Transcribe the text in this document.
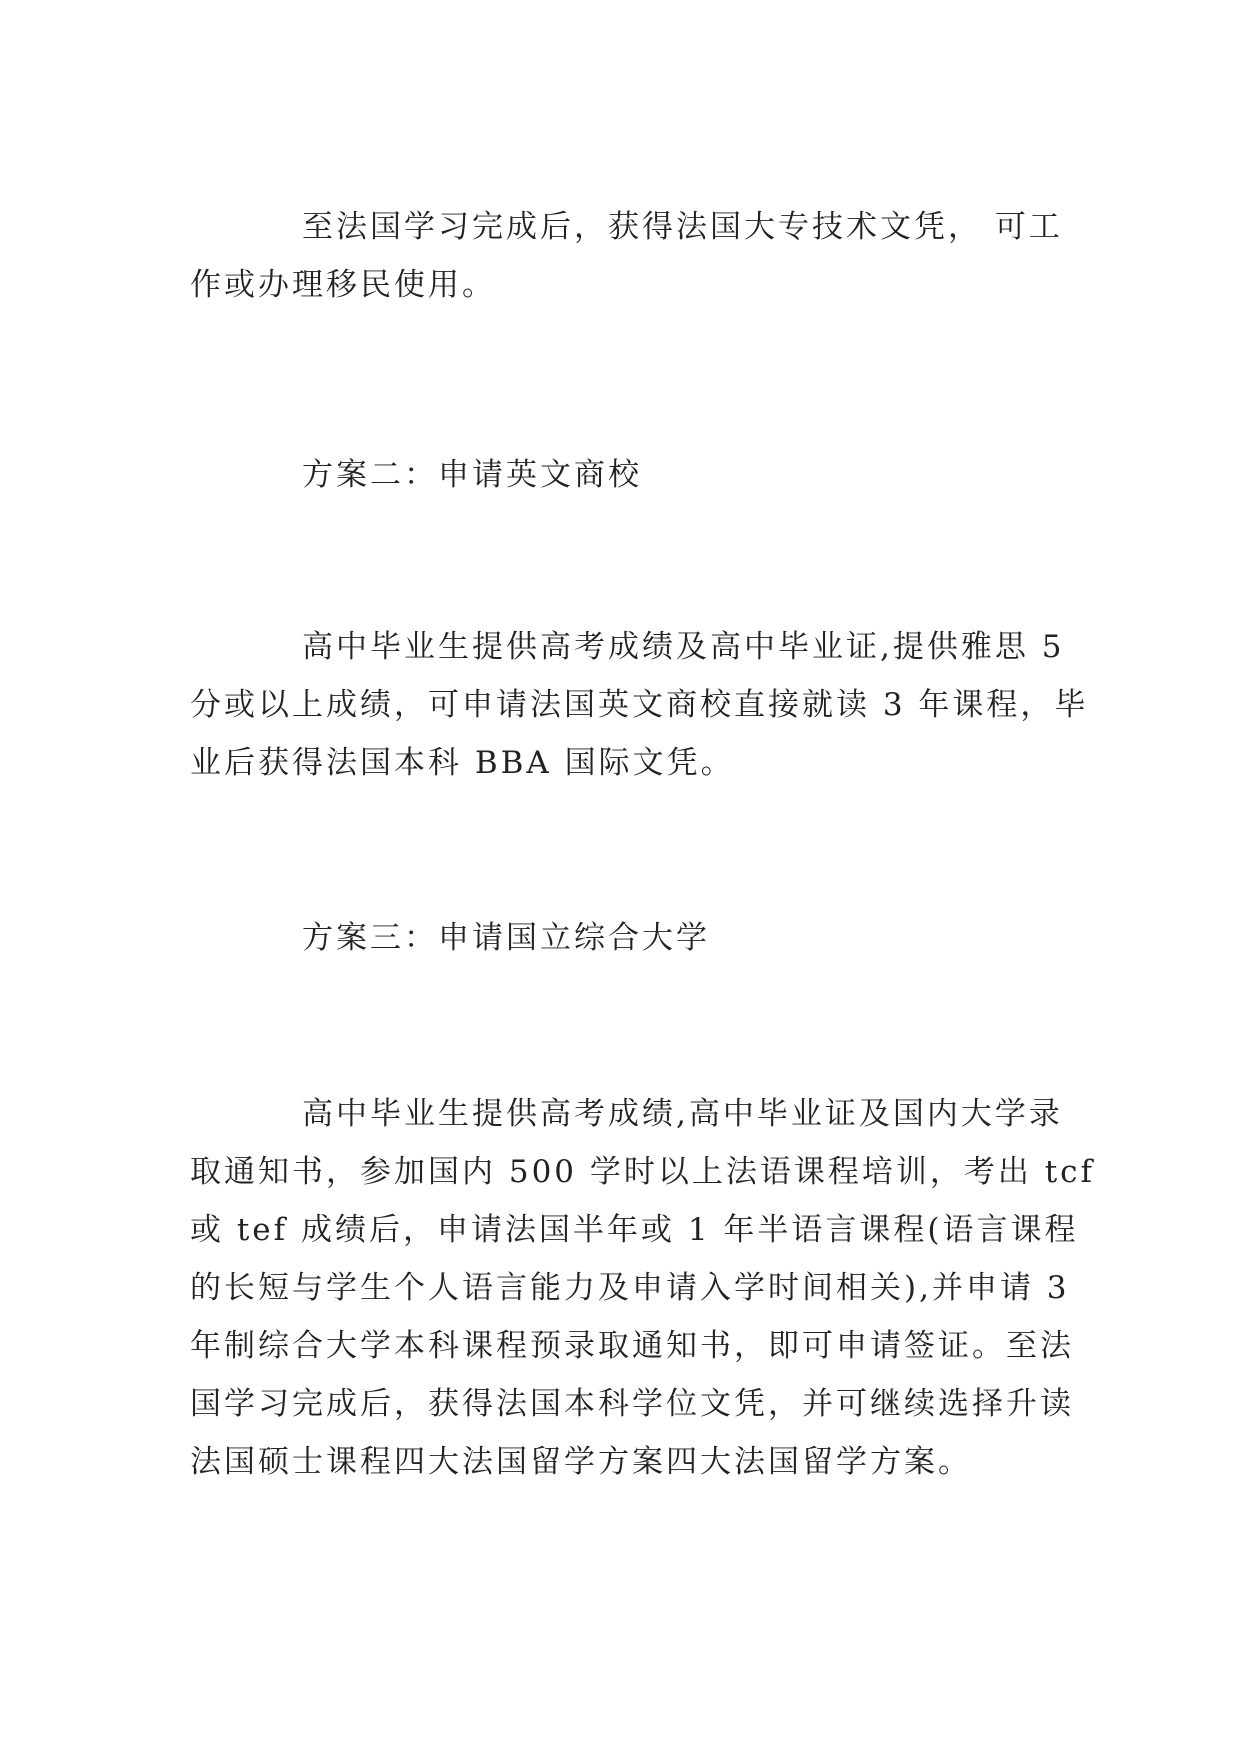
至法国学习完成后，获得法国大专技术文凭， 可工
作或办理移民使用。
方案二：申请英文商校
高中毕业生提供高考成绩及高中毕业证,提供雅思 5
分或以上成绩，可申请法国英文商校直接就读 3 年课程，毕
业后获得法国本科 BBA 国际文凭。
方案三：申请国立综合大学
高中毕业生提供高考成绩,高中毕业证及国内大学录
取通知书，参加国内 500 学时以上法语课程培训，考出 tcf
或 tef 成绩后，申请法国半年或 1 年半语言课程(语言课程
的长短与学生个人语言能力及申请入学时间相关),并申请 3
年制综合大学本科课程预录取通知书，即可申请签证。至法
国学习完成后，获得法国本科学位文凭，并可继续选择升读
法国硕士课程四大法国留学方案四大法国留学方案。
